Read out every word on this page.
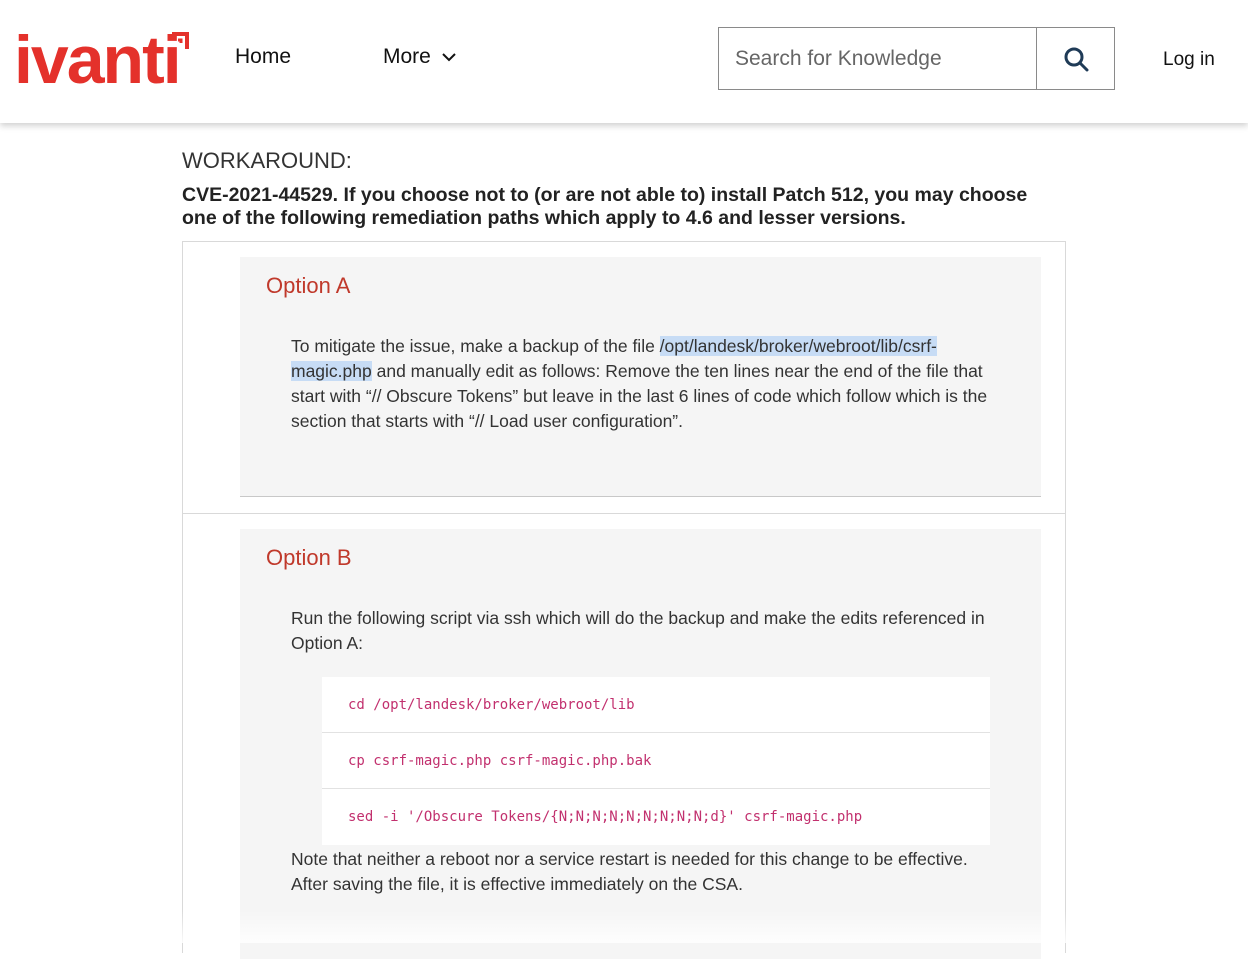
ivanti	Home	More
Search for Knowledge	Log in
WORKAROUND:
CVE-2021-44529. If you choose not to (or are not able to) install Patch 512, you may choose one of the following remediation paths which apply to 4.6 and lesser versions.
Option A
To mitigate the issue, make a backup of the file /opt/landesk/broker/webroot/lib/csrf-magic.php and manually edit as follows: Remove the ten lines near the end of the file that start with “// Obscure Tokens” but leave in the last 6 lines of code which follow which is the section that starts with “// Load user configuration”.
Option B
Run the following script via ssh which will do the backup and make the edits referenced in Option A:
cd /opt/landesk/broker/webroot/lib
cp csrf-magic.php csrf-magic.php.bak
sed -i '/Obscure Tokens/{N;N;N;N;N;N;N;N;N;d}' csrf-magic.php
Note that neither a reboot nor a service restart is needed for this change to be effective. After saving the file, it is effective immediately on the CSA.
